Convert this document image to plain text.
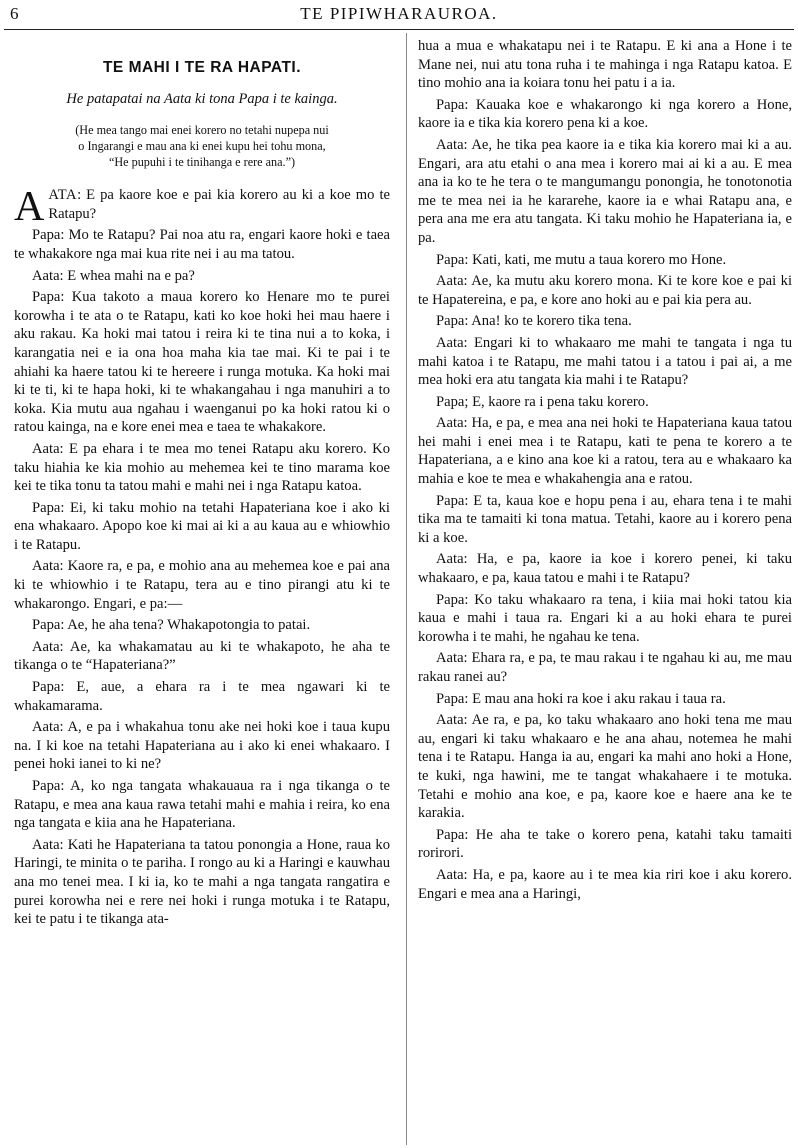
6	TE PIPIWHARAUROA.
TE MAHI I TE RA HAPATI.
He patapatai na Aata ki tona Papa i te kainga.
(He mea tango mai enei korero no tetahi nupepa nui
o Ingarangi e mau ana ki enei kupu hei tohu mona,
“He pupuhi i te tinihanga e rere ana.”)

AATA: E pa kaore koe e pai kia korero au ki a koe mo te Ratapu?

Papa: Mo te Ratapu? Pai noa atu ra, engari kaore hoki e taea te whakakore nga mai kua rite nei i au ma tatou.

Aata: E whea mahi na e pa?

Papa: Kua takoto a maua korero ko Henare mo te purei korowha i te ata o te Ratapu, kati ko koe hoki hei mau haere i aku rakau. Ka hoki mai tatou i reira ki te tina nui a to koka, i karangatia nei e ia ona hoa maha kia tae mai. Ki te pai i te ahiahi ka haere tatou ki te hereere i runga motuka. Ka hoki mai ki te ti, ki te hapa hoki, ki te whakangahau i nga manuhiri a to koka. Kia mutu aua ngahau i waenganui po ka hoki ratou ki o ratou kainga, na e kore enei mea e taea te whakakore.

Aata: E pa ehara i te mea mo tenei Ratapu aku korero. Ko taku hiahia ke kia mohio au mehemea kei te tino marama koe kei te tika tonu ta tatou mahi e mahi nei i nga Ratapu katoa.

Papa: Ei, ki taku mohio na tetahi Hapateriana koe i ako ki ena whakaaro. Apopo koe ki mai ai ki a au kaua au e whiowhio i te Ratapu.

Aata: Kaore ra, e pa, e mohio ana au mehemea koe e pai ana ki te whiowhio i te Ratapu, tera au e tino pirangi atu ki te whakarongo. Engari, e pa:—

Papa: Ae, he aha tena? Whakapotongia to patai.

Aata: Ae, ka whakamatau au ki te whakapoto, he aha te tikanga o te “Hapateriana?”

Papa: E, aue, a ehara ra i te mea ngawari ki te whakamarama.

Aata: A, e pa i whakahua tonu ake nei hoki koe i taua kupu na. I ki koe na tetahi Hapateriana au i ako ki enei whakaaro. I penei hoki ianei to ki ne?

Papa: A, ko nga tangata whakauaua ra i nga tikanga o te Ratapu, e mea ana kaua rawa tetahi mahi e mahia i reira, ko ena nga tangata e kiia ana he Hapateriana.

Aata: Kati he Hapateriana ta tatou ponongia a Hone, raua ko Haringi, te minita o te pariha. I rongo au ki a Haringi e kauwhau ana mo tenei mea. I ki ia, ko te mahi a nga tangata rangatira e purei korowha nei e rere nei hoki i runga motuka i te Ratapu, kei te patu i te tikanga ata-

hua a mua e whakatapu nei i te Ratapu. E ki ana a Hone i te Mane nei, nui atu tona ruha i te mahinga i nga Ratapu katoa. E tino mohio ana ia koiara tonu hei patu i a ia.

Papa: Kauaka koe e whakarongo ki nga korero a Hone, kaore ia e tika kia korero pena ki a koe.

Aata: Ae, he tika pea kaore ia e tika kia korero mai ki a au. Engari, ara atu etahi o ana mea i korero mai ai ki a au. E mea ana ia ko te he tera o te mangumangu ponongia, he tonotonotia me te mea nei ia he kararehe, kaore ia e whai Ratapu ana, e pera ana me era atu tangata. Ki taku mohio he Hapateriana ia, e pa.

Papa: Kati, kati, me mutu a taua korero mo Hone.

Aata: Ae, ka mutu aku korero mona. Ki te kore koe e pai ki te Hapatereina, e pa, e kore ano hoki au e pai kia pera au.

Papa: Ana! ko te korero tika tena.

Aata: Engari ki to whakaaro me mahi te tangata i nga tu mahi katoa i te Ratapu, me mahi tatou i a tatou i pai ai, a me mea hoki era atu tangata kia mahi i te Ratapu?

Papa; E, kaore ra i pena taku korero.

Aata: Ha, e pa, e mea ana nei hoki te Hapateriana kaua tatou hei mahi i enei mea i te Ratapu, kati te pena te korero a te Hapateriana, a e kino ana koe ki a ratou, tera au e whakaaro ka mahia e koe te mea e whakahengia ana e ratou.

Papa: E ta, kaua koe e hopu pena i au, ehara tena i te mahi tika ma te tamaiti ki tona matua. Tetahi, kaore au i korero pena ki a koe.

Aata: Ha, e pa, kaore ia koe i korero penei, ki taku whakaaro, e pa, kaua tatou e mahi i te Ratapu?

Papa: Ko taku whakaaro ra tena, i kiia mai hoki tatou kia kaua e mahi i taua ra. Engari ki a au hoki ehara te purei korowha i te mahi, he ngahau ke tena.

Aata: Ehara ra, e pa, te mau rakau i te ngahau ki au, me mau rakau ranei au?

Papa: E mau ana hoki ra koe i aku rakau i taua ra.

Aata: Ae ra, e pa, ko taku whakaaro ano hoki tena me mau au, engari ki taku whakaaro e he ana ahau, notemea he mahi tena i te Ratapu. Hanga ia au, engari ka mahi ano hoki a Hone, te kuki, nga hawini, me te tangat whakahaere i te motuka. Tetahi e mohio ana koe, e pa, kaore koe e haere ana ke te karakia.

Papa: He aha te take o korero pena, katahi taku tamaiti rorirori.

Aata: Ha, e pa, kaore au i te mea kia riri koe i aku korero. Engari e mea ana a Haringi,
